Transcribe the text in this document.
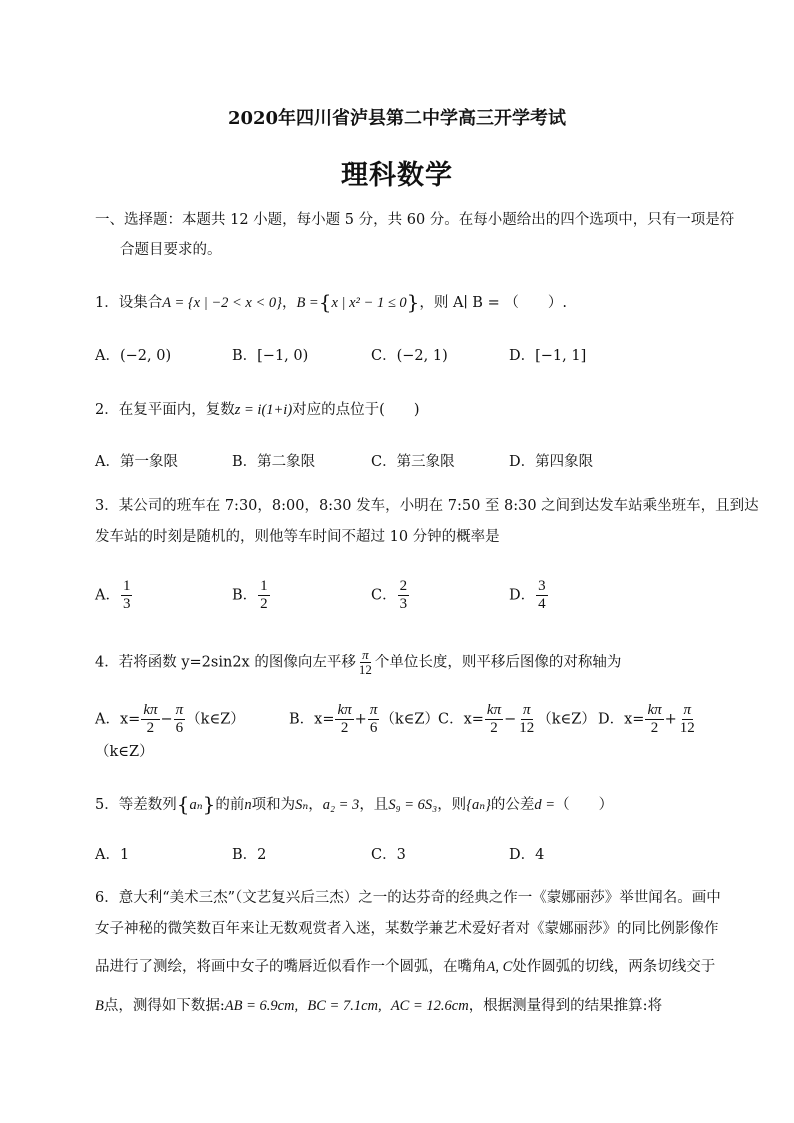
2020年四川省泸县第二中学高三开学考试
理科数学
一、选择题：本题共 12 小题，每小题 5 分，共 60 分。在每小题给出的四个选项中，只有一项是符
合题目要求的。
1．设集合A = {x | −2 < x < 0}，B ={x | x² − 1 ≤ 0}，则 A∣ B = （　　）.
A．(−2, 0)	B．[−1, 0)	C．(−2, 1)	D．[−1, 1]
2．在复平面内，复数z = i(1+i)对应的点位于(　　)
A．第一象限	B．第二象限	C．第三象限	D．第四象限
3．某公司的班车在 7:30，8:00，8:30 发车，小明在 7:50 至 8:30 之间到达发车站乘坐班车，且到达
发车站的时刻是随机的，则他等车时间不超过 10 分钟的概率是
A． $\frac{1}{3}$	B． $\frac{1}{2}$	C． $\frac{2}{3}$	D． $\frac{3}{4}$
4．若将函数 y=2sin2x 的图像向左平移 $\frac{\pi}{12}$ 个单位长度，则平移后图像的对称轴为
A．$x= \frac{k\pi}{2} - \frac{\pi}{6}$ （k∈Z）	B．$x= \frac{k\pi}{2} + \frac{\pi}{6}$ （k∈Z） C．$x= \frac{k\pi}{2} - \frac{\pi}{12}$ （k∈Z） D．$x= \frac{k\pi}{2} + \frac{\pi}{12}$
（k∈Z）
5．等差数列{aₙ}的前n项和为Sₙ，a₂ = 3，且S₉ = 6S₃，则{aₙ}的公差d =（　　）
A．1	B．2	C．3	D．4
6．意大利“美术三杰”（文艺复兴后三杰）之一的达芬奇的经典之作一《蒙娜丽莎》举世闻名。画中
女子神秘的微笑数百年来让无数观赏者入迷，某数学兼艺术爱好者对《蒙娜丽莎》的同比例影像作
品进行了测绘，将画中女子的嘴唇近似看作一个圆弧，在嘴角A, C处作圆弧的切线，两条切线交于
B点，测得如下数据:AB = 6.9cm, BC = 7.1cm, AC = 12.6cm，根据测量得到的结果推算:将
